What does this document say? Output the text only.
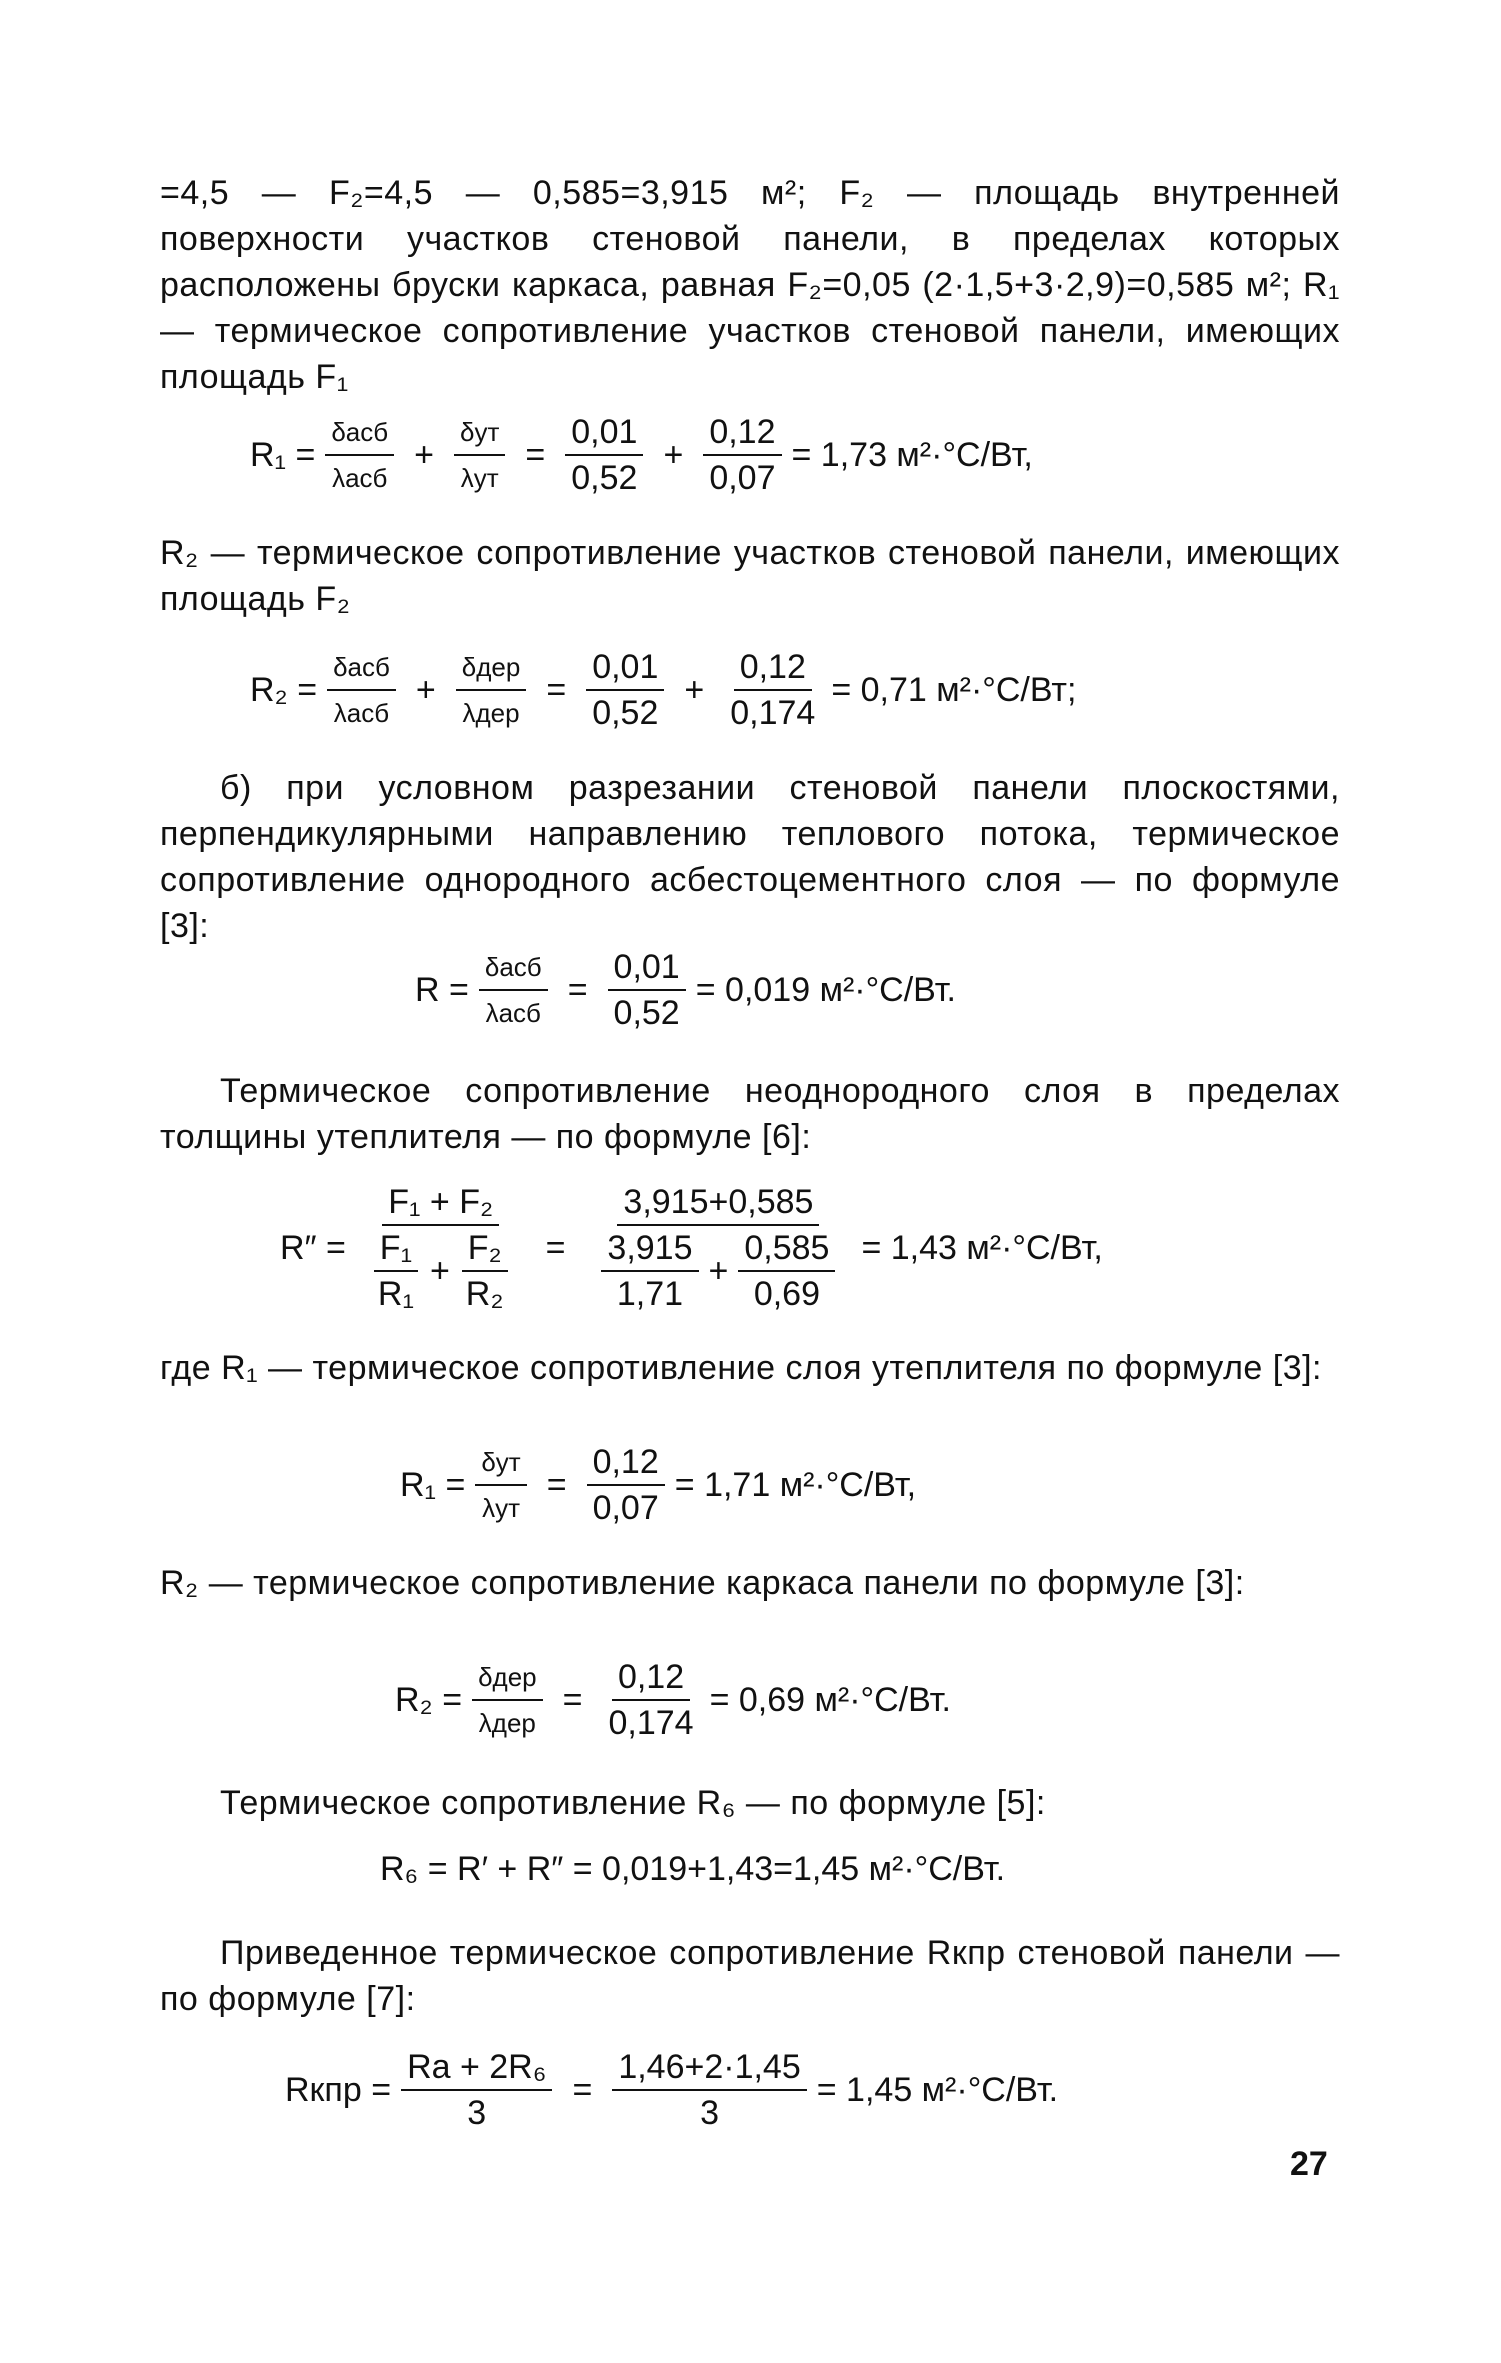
=4,5 — F₂=4,5 — 0,585=3,915 м²; F₂ — площадь внутренней поверхности участков стеновой панели, в пределах которых расположены бруски каркаса, равная F₂=0,05 (2·1,5+3·2,9)=0,585 м²; R₁ — термическое сопротивление участков стеновой панели, имеющих площадь F₁
$R_1 = \frac{\text{δасб}}{\text{λасб}} + \frac{\text{δут}}{\text{λут}} = \frac{0,01}{0,52} + \frac{0,12}{0,07} = 1,73$ м²·°С/Вт,
R₂ — термическое сопротивление участков стеновой панели, имеющих площадь F₂
$R_2 = \frac{\text{δасб}}{\text{λасб}} + \frac{\text{δдер}}{\text{λдер}} = \frac{0,01}{0,52} + \frac{0,12}{0,174} = 0,71$ м²·°С/Вт;
б) при условном разрезании стеновой панели плоскостями, перпендикулярными направлению теплового потока, термическое сопротивление однородного асбестоцементного слоя — по формуле [3]:
$R = \frac{\text{δасб}}{\text{λасб}} = \frac{0,01}{0,52} = 0,019$ м²·°С/Вт.
Термическое сопротивление неоднородного слоя в пределах толщины утеплителя — по формуле [6]:
R″ =
F₁ + F₂
$\frac{\text{F₁}}{\text{R₁}} + \frac{\text{F₂}}{\text{R₂}}$ =
3,915+0,585
$\frac{3,915}{1,71} + \frac{0,585}{0,69} = 1,43$ м²·°С/Вт,
где R₁ — термическое сопротивление слоя утеплителя по формуле [3]:
$R_1 = \frac{\text{δут}}{\text{λут}} = \frac{0,12}{0,07} = 1,71$ м²·°С/Вт,
R₂ — термическое сопротивление каркаса панели по формуле [3]:
$R_2 = \frac{\text{δдер}}{\text{λдер}} = \frac{0,12}{0,174} = 0,69$ м²·°С/Вт.
Термическое сопротивление R₆ — по формуле [5]:
R₆ = R′ + R″ = 0,019+1,43=1,45 м²·°С/Вт.
Приведенное термическое сопротивление Rкпр стеновой панели — по формуле [7]:
Rкпр = $\frac{\text{Rа + 2R₆}}{3} = \frac{1,46+2\cdot 1,45}{3} = 1,45$ м²·°С/Вт.
27
